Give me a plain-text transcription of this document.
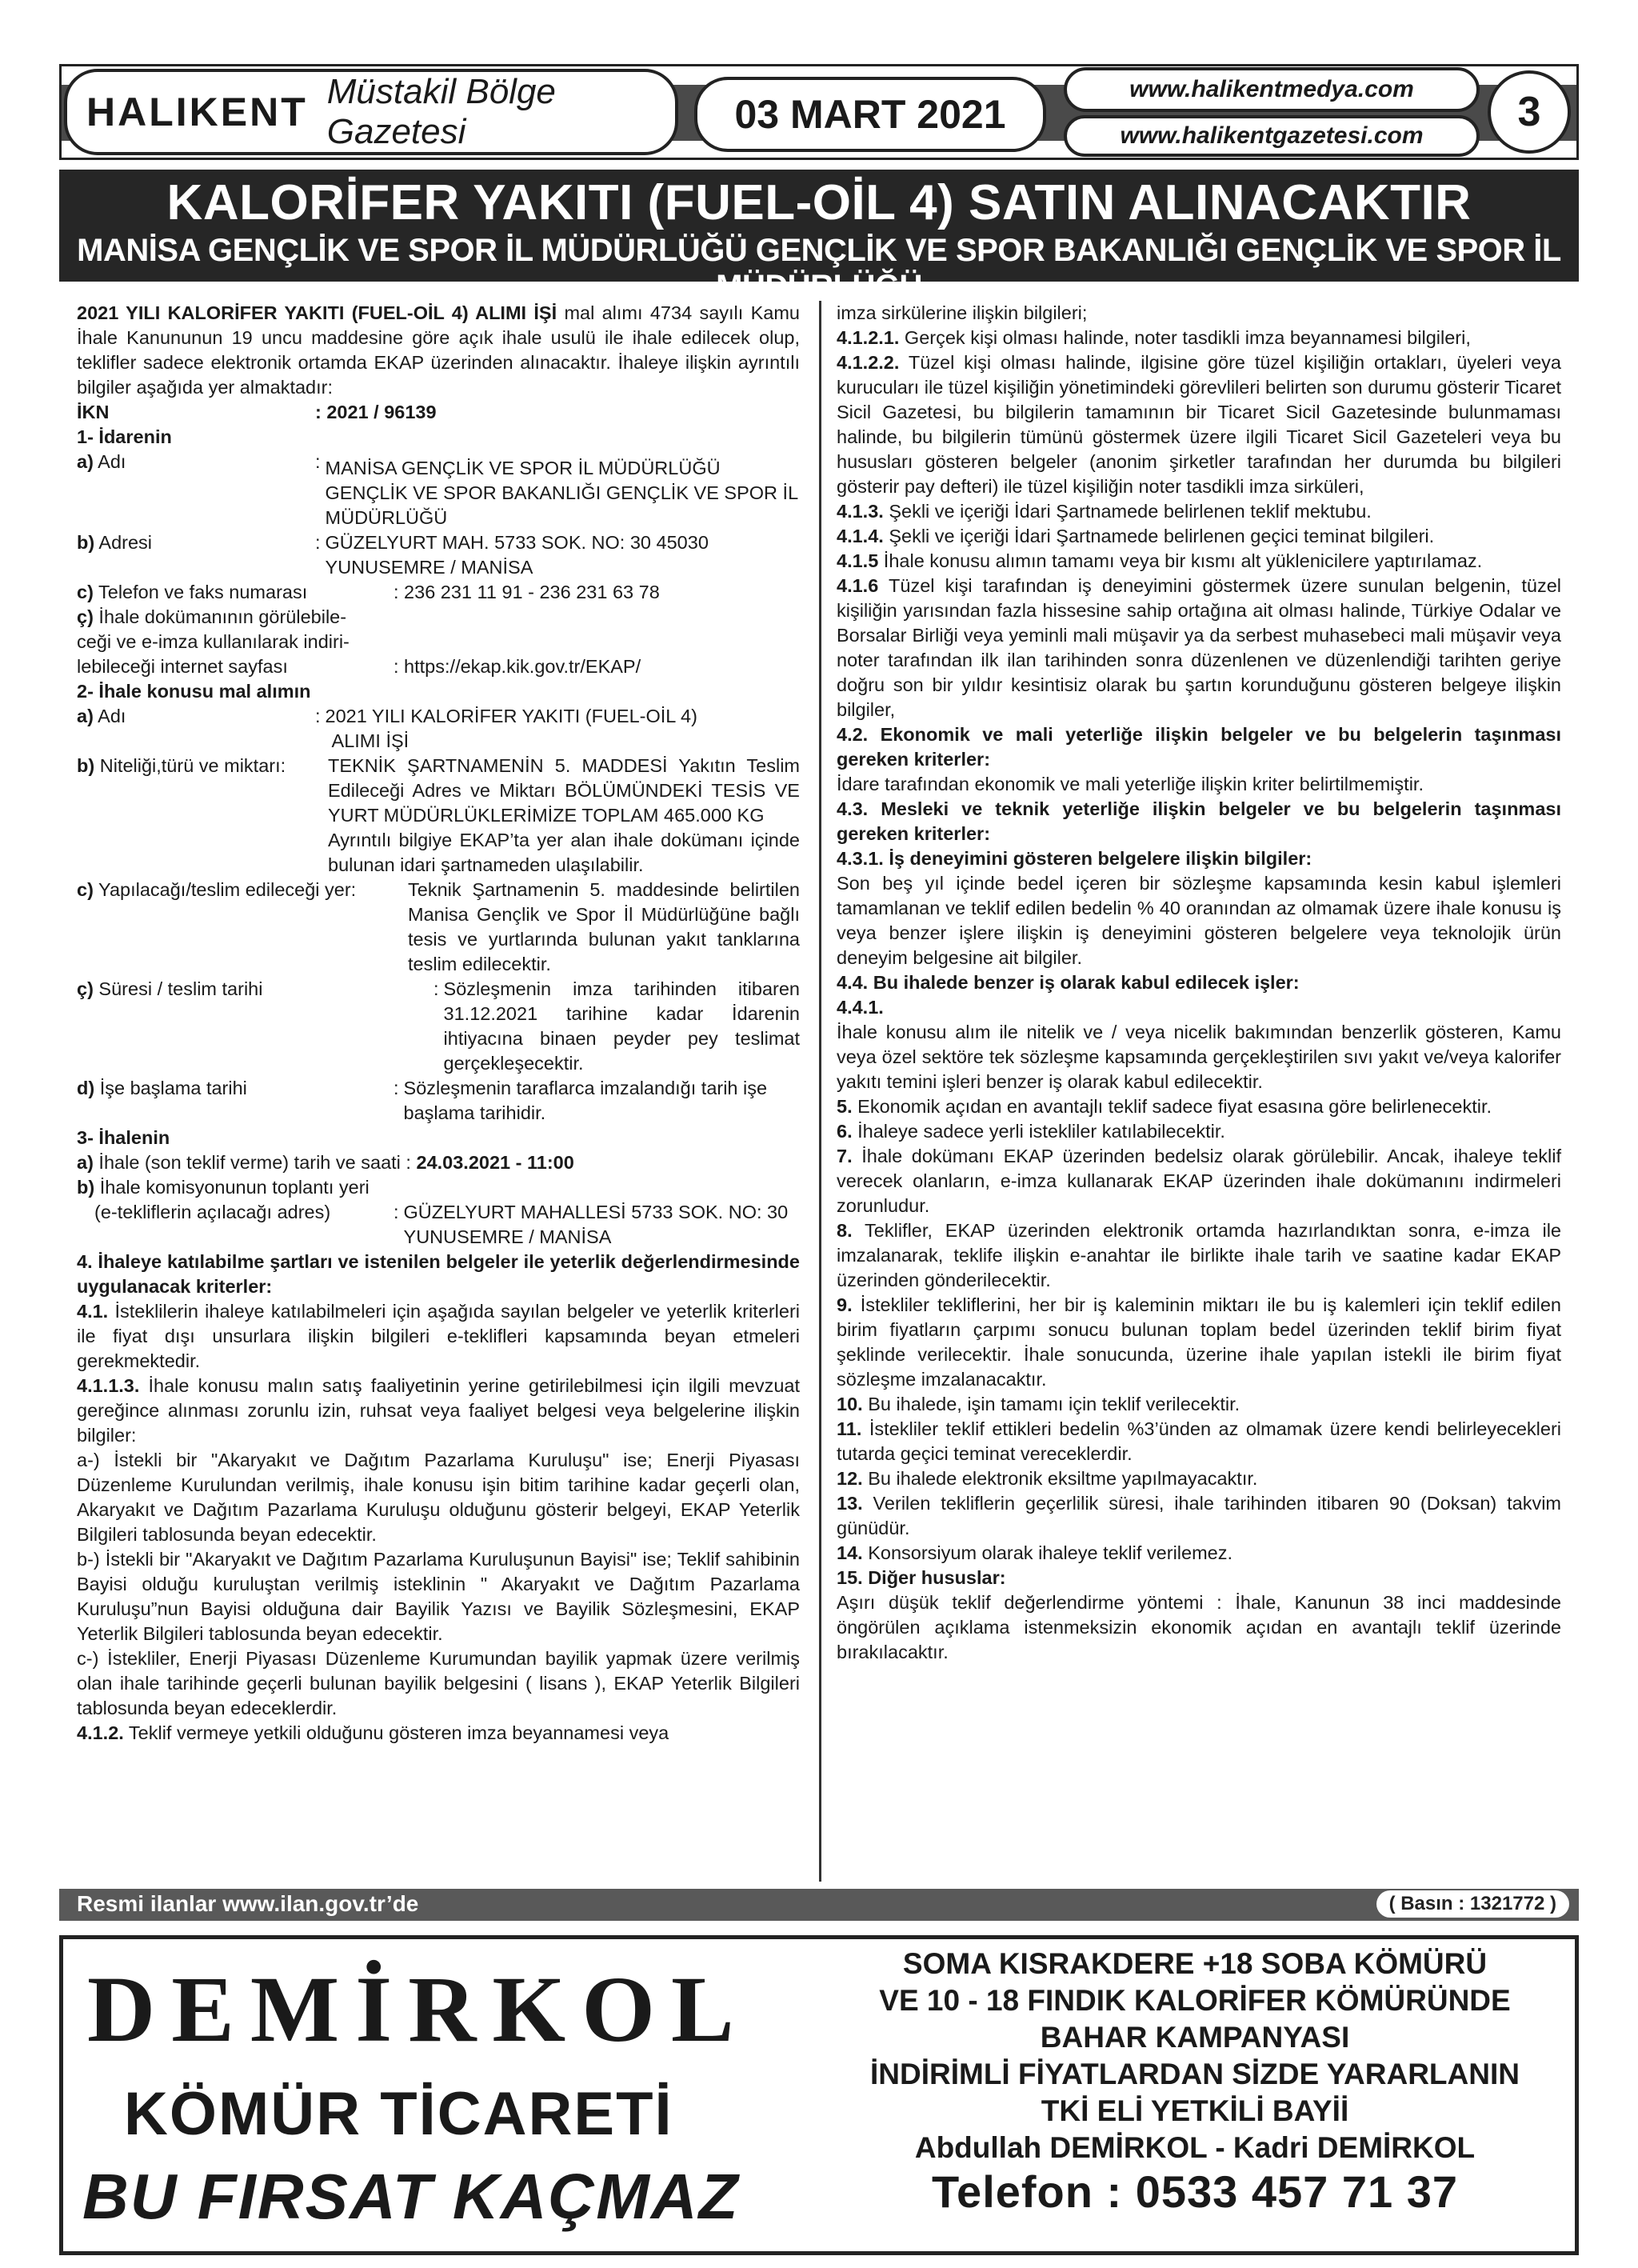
HALIKENT Müstakil Bölge Gazetesi	03 MART 2021
www.halikentmedya.com
www.halikentgazetesi.com
3
KALORİFER YAKITI (FUEL-OİL 4) SATIN ALINACAKTIR
MANİSA GENÇLİK VE SPOR İL MÜDÜRLÜĞÜ GENÇLİK VE SPOR BAKANLIĞI GENÇLİK VE SPOR İL MÜDÜRLÜĞÜ

2021 YILI KALORİFER YAKITI (FUEL-OİL 4) ALIMI İŞİ mal alımı 4734 sayılı Kamu İhale Kanununun 19 uncu maddesine göre açık ihale usulü ile ihale edilecek olup, teklifler sadece elektronik ortamda EKAP üzerinden alınacaktır. İhaleye ilişkin ayrıntılı bilgiler aşağıda yer almaktadır:

İKN	: 2021 / 96139
1- İdarenin
a) Adı	: MANİSA GENÇLİK VE SPOR İL MÜDÜRLÜĞÜ GENÇLİK VE SPOR BAKANLIĞI GENÇLİK VE SPOR İL MÜDÜRLÜĞÜ
b) Adresi	: GÜZELYURT MAH. 5733 SOK. NO: 30 45030
YUNUSEMRE / MANİSA
c) Telefon ve faks numarası	: 236 231 11 91 - 236 231 63 78
ç) İhale dokümanının görülebile-
ceği ve e-imza kullanılarak indiri-
lebileceği internet sayfası	: https://ekap.kik.gov.tr/EKAP/
2- İhale konusu mal alımın
a) Adı	: 2021 YILI KALORİFER YAKITI (FUEL-OİL 4)
ALIMI İŞİ
b) Niteliği,türü ve miktarı:	TEKNİK ŞARTNAMENİN 5. MADDESİ Yakıtın Teslim Edileceği Adres ve Miktarı BÖLÜMÜNDEKİ TESİS VE YURT MÜDÜRLÜKLERİMİZE TOPLAM 465.000 KG
Ayrıntılı bilgiye EKAP’ta yer alan ihale dokümanı içinde bulunan idari şartnameden ulaşılabilir.
c) Yapılacağı/teslim edileceği yer:	Teknik Şartnamenin 5. maddesinde belirtilen Manisa Gençlik ve Spor İl Müdürlüğüne bağlı tesis ve yurtlarında bulunan yakıt tanklarına teslim edilecektir.
ç) Süresi / teslim tarihi	: Sözleşmenin imza tarihinden itibaren 31.12.2021 tarihine kadar İdarenin ihtiyacına binaen peyder pey teslimat gerçekleşecektir.
d) İşe başlama tarihi	: Sözleşmenin taraflarca imzalandığı tarih işe başlama tarihidir.
3- İhalenin
a) İhale (son teklif verme) tarih ve saati : 24.03.2021 - 11:00
b) İhale komisyonunun toplantı yeri
(e-tekliflerin açılacağı adres)	: GÜZELYURT MAHALLESİ 5733 SOK. NO: 30 YUNUSEMRE / MANİSA

4. İhaleye katılabilme şartları ve istenilen belgeler ile yeterlik değerlendirmesinde uygulanacak kriterler:

4.1. İsteklilerin ihaleye katılabilmeleri için aşağıda sayılan belgeler ve yeterlik kriterleri ile fiyat dışı unsurlara ilişkin bilgileri e-teklifleri kapsamında beyan etmeleri gerekmektedir.

4.1.1.3. İhale konusu malın satış faaliyetinin yerine getirilebilmesi için ilgili mevzuat gereğince alınması zorunlu izin, ruhsat veya faaliyet belgesi veya belgelerine ilişkin bilgiler:

a-) İstekli bir "Akaryakıt ve Dağıtım Pazarlama Kuruluşu" ise; Enerji Piyasası Düzenleme Kurulundan verilmiş, ihale konusu işin bitim tarihine kadar geçerli olan, Akaryakıt ve Dağıtım Pazarlama Kuruluşu olduğunu gösterir belgeyi, EKAP Yeterlik Bilgileri tablosunda beyan edecektir.

b-) İstekli bir "Akaryakıt ve Dağıtım Pazarlama Kuruluşunun Bayisi" ise; Teklif sahibinin Bayisi olduğu kuruluştan verilmiş isteklinin " Akaryakıt ve Dağıtım Pazarlama Kuruluşu”nun Bayisi olduğuna dair Bayilik Yazısı ve Bayilik Sözleşmesini, EKAP Yeterlik Bilgileri tablosunda beyan edecektir.

c-) İstekliler, Enerji Piyasası Düzenleme Kurumundan bayilik yapmak üzere verilmiş olan ihale tarihinde geçerli bulunan bayilik belgesini ( lisans ), EKAP Yeterlik Bilgileri tablosunda beyan edeceklerdir.

4.1.2. Teklif vermeye yetkili olduğunu gösteren imza beyannamesi veya

imza sirkülerine ilişkin bilgileri;

4.1.2.1. Gerçek kişi olması halinde, noter tasdikli imza beyannamesi bilgileri,

4.1.2.2. Tüzel kişi olması halinde, ilgisine göre tüzel kişiliğin ortakları, üyeleri veya kurucuları ile tüzel kişiliğin yönetimindeki görevlileri belirten son durumu gösterir Ticaret Sicil Gazetesi, bu bilgilerin tamamının bir Ticaret Sicil Gazetesinde bulunmaması halinde, bu bilgilerin tümünü göstermek üzere ilgili Ticaret Sicil Gazeteleri veya bu hususları gösteren belgeler (anonim şirketler tarafından her durumda bu bilgileri gösterir pay defteri) ile tüzel kişiliğin noter tasdikli imza sirküleri,

4.1.3. Şekli ve içeriği İdari Şartnamede belirlenen teklif mektubu.

4.1.4. Şekli ve içeriği İdari Şartnamede belirlenen geçici teminat bilgileri.

4.1.5 İhale konusu alımın tamamı veya bir kısmı alt yüklenicilere yaptırılamaz.

4.1.6 Tüzel kişi tarafından iş deneyimini göstermek üzere sunulan belgenin, tüzel kişiliğin yarısından fazla hissesine sahip ortağına ait olması halinde, Türkiye Odalar ve Borsalar Birliği veya yeminli mali müşavir ya da serbest muhasebeci mali müşavir veya noter tarafından ilk ilan tarihinden sonra düzenlenen ve düzenlendiği tarihten geriye doğru son bir yıldır kesintisiz olarak bu şartın korunduğunu gösteren belgeye ilişkin bilgiler,

4.2. Ekonomik ve mali yeterliğe ilişkin belgeler ve bu belgelerin taşınması gereken kriterler:

İdare tarafından ekonomik ve mali yeterliğe ilişkin kriter belirtilmemiştir.

4.3. Mesleki ve teknik yeterliğe ilişkin belgeler ve bu belgelerin taşınması gereken kriterler:

4.3.1. İş deneyimini gösteren belgelere ilişkin bilgiler:

Son beş yıl içinde bedel içeren bir sözleşme kapsamında kesin kabul işlemleri tamamlanan ve teklif edilen bedelin % 40 oranından az olmamak üzere ihale konusu iş veya benzer işlere ilişkin iş deneyimini gösteren belgelere veya teknolojik ürün deneyim belgesine ait bilgiler.

4.4. Bu ihalede benzer iş olarak kabul edilecek işler:

4.4.1.

İhale konusu alım ile nitelik ve / veya nicelik bakımından benzerlik gösteren, Kamu veya özel sektöre tek sözleşme kapsamında gerçekleştirilen sıvı yakıt ve/veya kalorifer yakıtı temini işleri benzer iş olarak kabul edilecektir.

5. Ekonomik açıdan en avantajlı teklif sadece fiyat esasına göre belirlenecektir.

6. İhaleye sadece yerli istekliler katılabilecektir.

7. İhale dokümanı EKAP üzerinden bedelsiz olarak görülebilir. Ancak, ihaleye teklif verecek olanların, e-imza kullanarak EKAP üzerinden ihale dokümanını indirmeleri zorunludur.

8. Teklifler, EKAP üzerinden elektronik ortamda hazırlandıktan sonra, e-imza ile imzalanarak, teklife ilişkin e-anahtar ile birlikte ihale tarih ve saatine kadar EKAP üzerinden gönderilecektir.

9. İstekliler tekliflerini, her bir iş kaleminin miktarı ile bu iş kalemleri için teklif edilen birim fiyatların çarpımı sonucu bulunan toplam bedel üzerinden teklif birim fiyat şeklinde verilecektir. İhale sonucunda, üzerine ihale yapılan istekli ile birim fiyat sözleşme imzalanacaktır.

10. Bu ihalede, işin tamamı için teklif verilecektir.

11. İstekliler teklif ettikleri bedelin %3’ünden az olmamak üzere kendi belirleyecekleri tutarda geçici teminat vereceklerdir.

12. Bu ihalede elektronik eksiltme yapılmayacaktır.

13. Verilen tekliflerin geçerlilik süresi, ihale tarihinden itibaren 90 (Doksan) takvim günüdür.

14. Konsorsiyum olarak ihaleye teklif verilemez.

15. Diğer hususlar:

Aşırı düşük teklif değerlendirme yöntemi : İhale, Kanunun 38 inci maddesinde öngörülen açıklama istenmeksizin ekonomik açıdan en avantajlı teklif üzerinde bırakılacaktır.

Resmi ilanlar www.ilan.gov.tr’de	( Basın : 1321772 )
DEMİRKOL
KÖMÜR TİCARETİ
BU FIRSAT KAÇMAZ
SOMA KISRAKDERE +18 SOBA KÖMÜRÜ
VE 10 - 18 FINDIK KALORİFER KÖMÜRÜNDE
BAHAR KAMPANYASI
İNDİRİMLİ FİYATLARDAN SİZDE YARARLANIN
TKİ ELİ YETKİLİ BAYİİ
Abdullah DEMİRKOL - Kadri DEMİRKOL
Telefon : 0533 457 71 37
